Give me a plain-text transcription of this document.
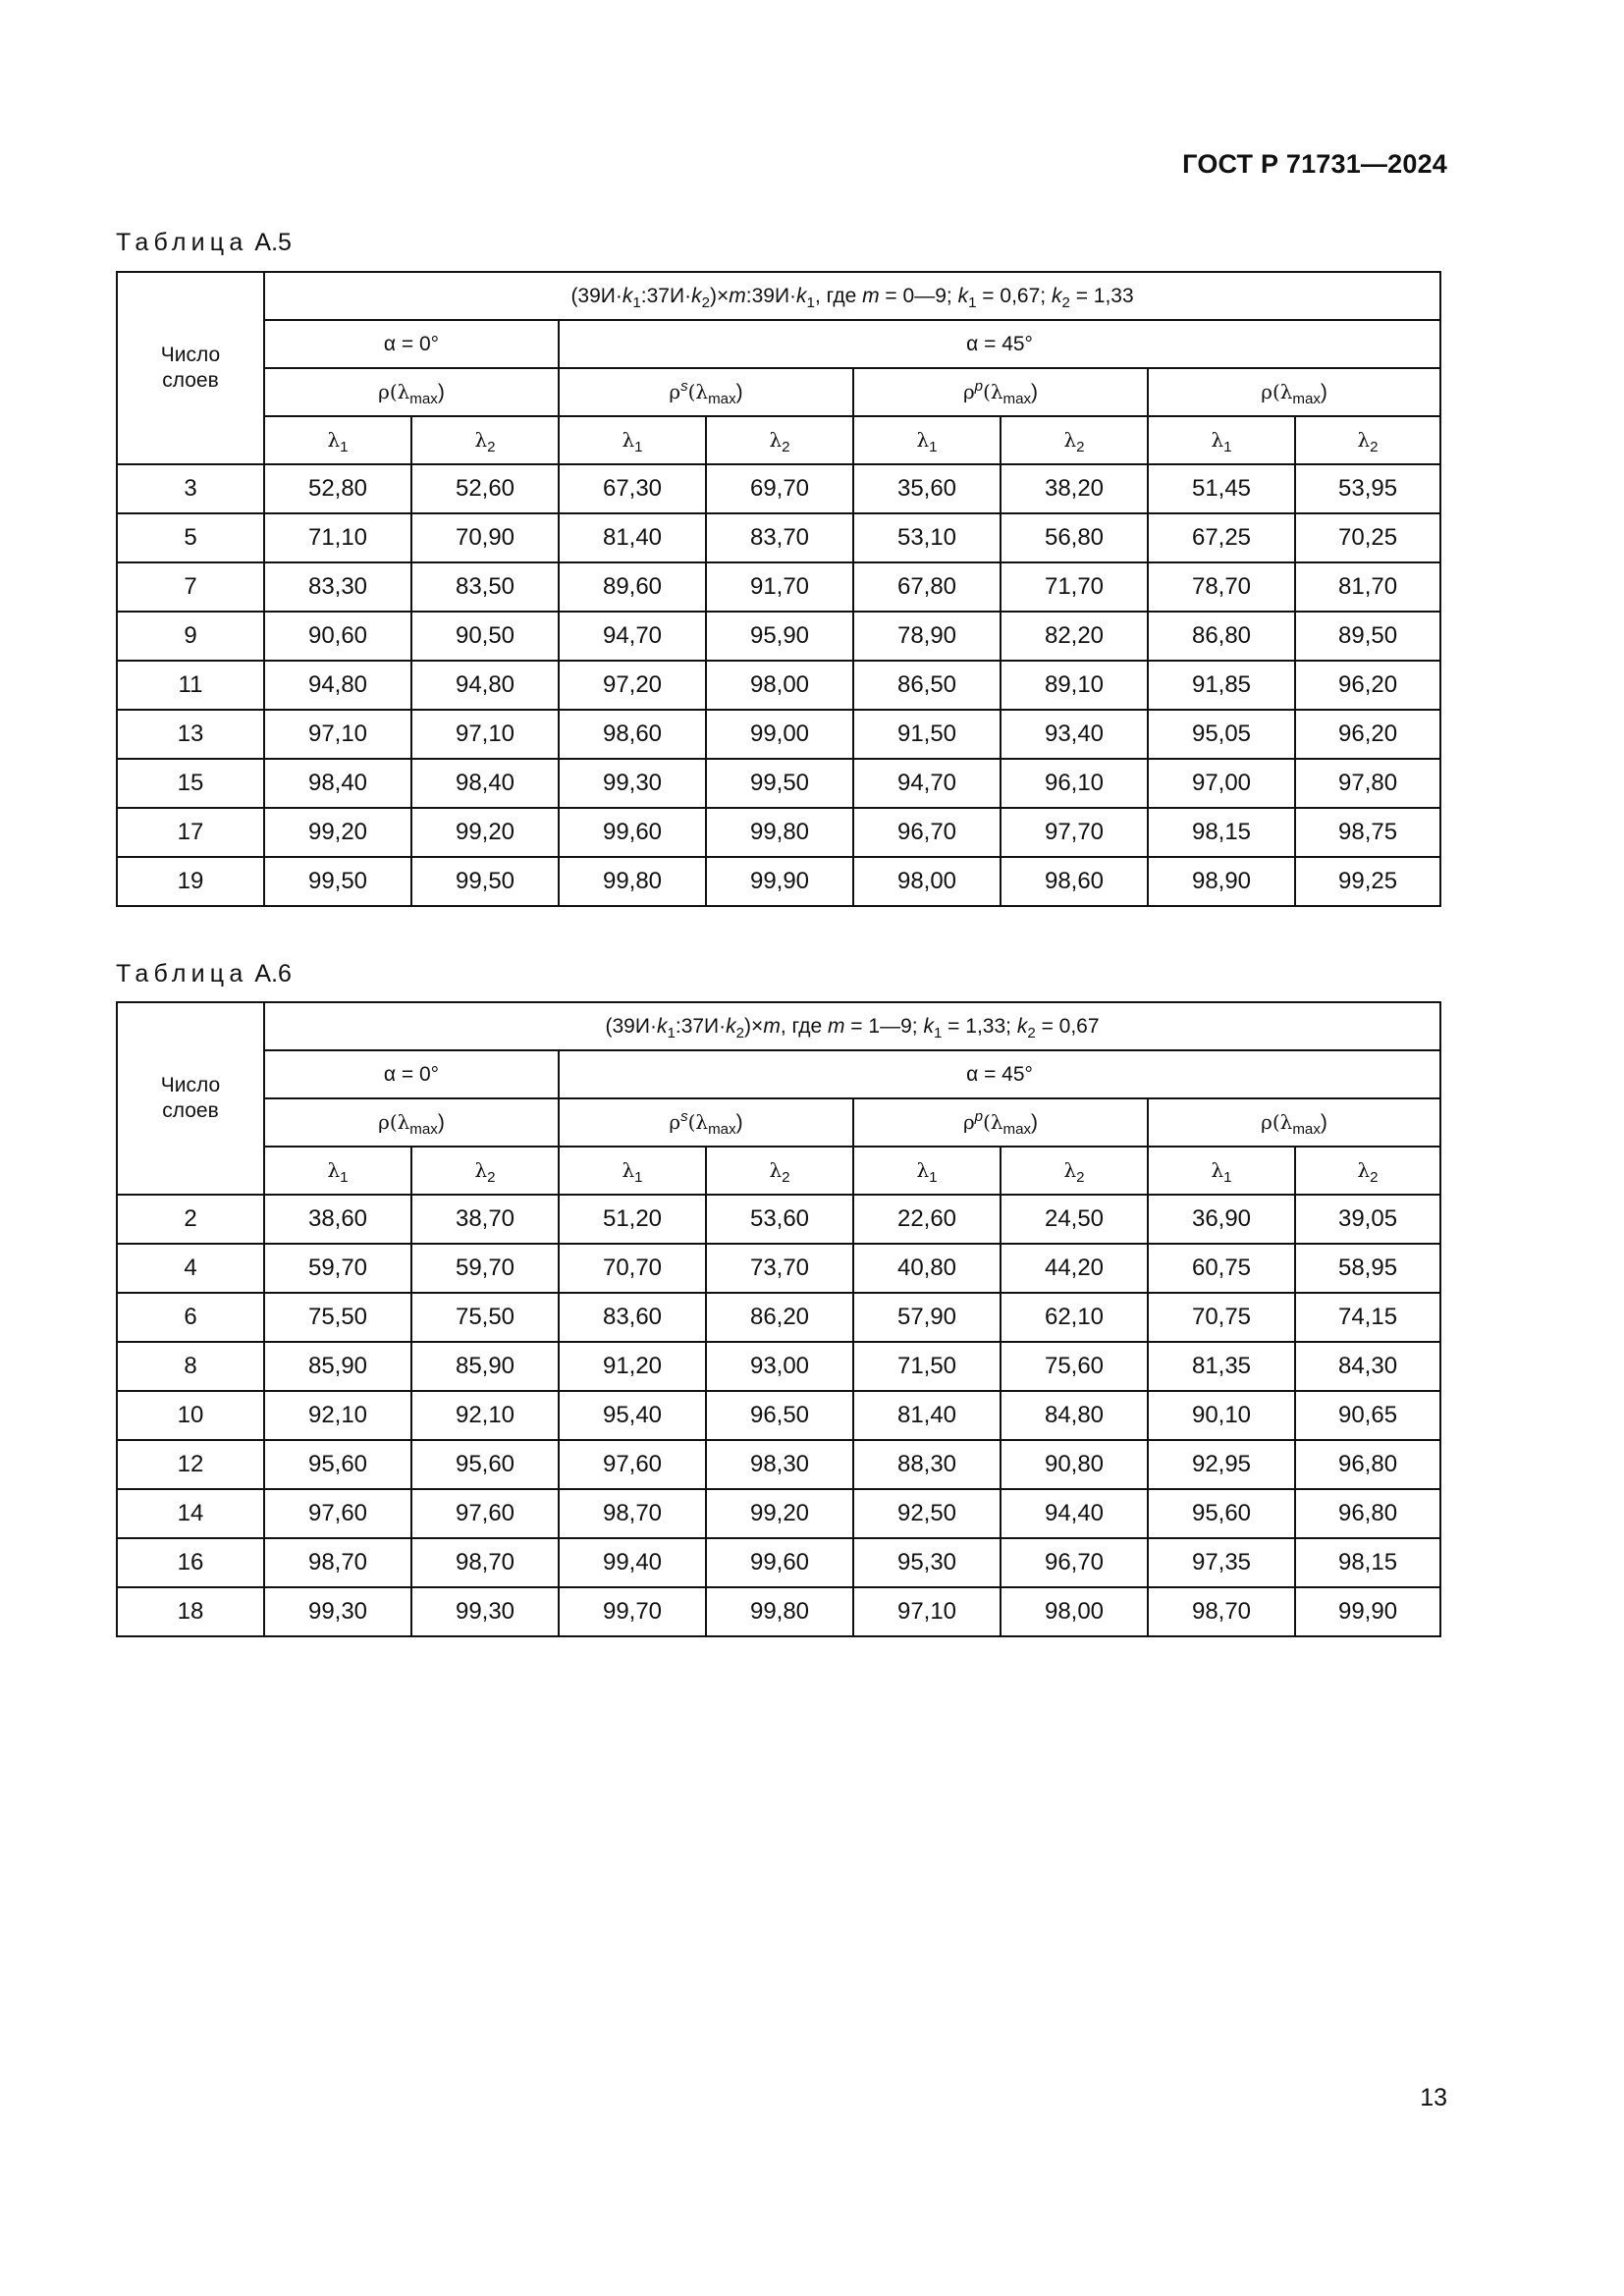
ГОСТ Р 71731—2024
Таблица А.5
Число слоев	$(39И\cdot k_1:37И\cdot k_2)\times m:39И\cdot k_1$, где m = 0—9; $k_1 = 0,67$; $k_2 = 1,33$							
	α = 0°		α = 45°					
	$\rho(\lambda_{max})$		$\rho^s(\lambda_{max})$		$\rho^p(\lambda_{max})$		$\rho(\lambda_{max})$	
	$\lambda_1$	$\lambda_2$	$\lambda_1$	$\lambda_2$	$\lambda_1$	$\lambda_2$	$\lambda_1$	$\lambda_2$
3	52,80	52,60	67,30	69,70	35,60	38,20	51,45	53,95
5	71,10	70,90	81,40	83,70	53,10	56,80	67,25	70,25
7	83,30	83,50	89,60	91,70	67,80	71,70	78,70	81,70
9	90,60	90,50	94,70	95,90	78,90	82,20	86,80	89,50
11	94,80	94,80	97,20	98,00	86,50	89,10	91,85	96,20
13	97,10	97,10	98,60	99,00	91,50	93,40	95,05	96,20
15	98,40	98,40	99,30	99,50	94,70	96,10	97,00	97,80
17	99,20	99,20	99,60	99,80	96,70	97,70	98,15	98,75
19	99,50	99,50	99,80	99,90	98,00	98,60	98,90	99,25
Таблица А.6
Число слоев	$(39И\cdot k_1:37И\cdot k_2)\times m$, где m = 1—9; $k_1 = 1,33$; $k_2 = 0,67$							
	α = 0°		α = 45°					
	$\rho(\lambda_{max})$		$\rho^s(\lambda_{max})$		$\rho^p(\lambda_{max})$		$\rho(\lambda_{max})$	
	$\lambda_1$	$\lambda_2$	$\lambda_1$	$\lambda_2$	$\lambda_1$	$\lambda_2$	$\lambda_1$	$\lambda_2$
2	38,60	38,70	51,20	53,60	22,60	24,50	36,90	39,05
4	59,70	59,70	70,70	73,70	40,80	44,20	60,75	58,95
6	75,50	75,50	83,60	86,20	57,90	62,10	70,75	74,15
8	85,90	85,90	91,20	93,00	71,50	75,60	81,35	84,30
10	92,10	92,10	95,40	96,50	81,40	84,80	90,10	90,65
12	95,60	95,60	97,60	98,30	88,30	90,80	92,95	96,80
14	97,60	97,60	98,70	99,20	92,50	94,40	95,60	96,80
16	98,70	98,70	99,40	99,60	95,30	96,70	97,35	98,15
18	99,30	99,30	99,70	99,80	97,10	98,00	98,70	99,90
13
